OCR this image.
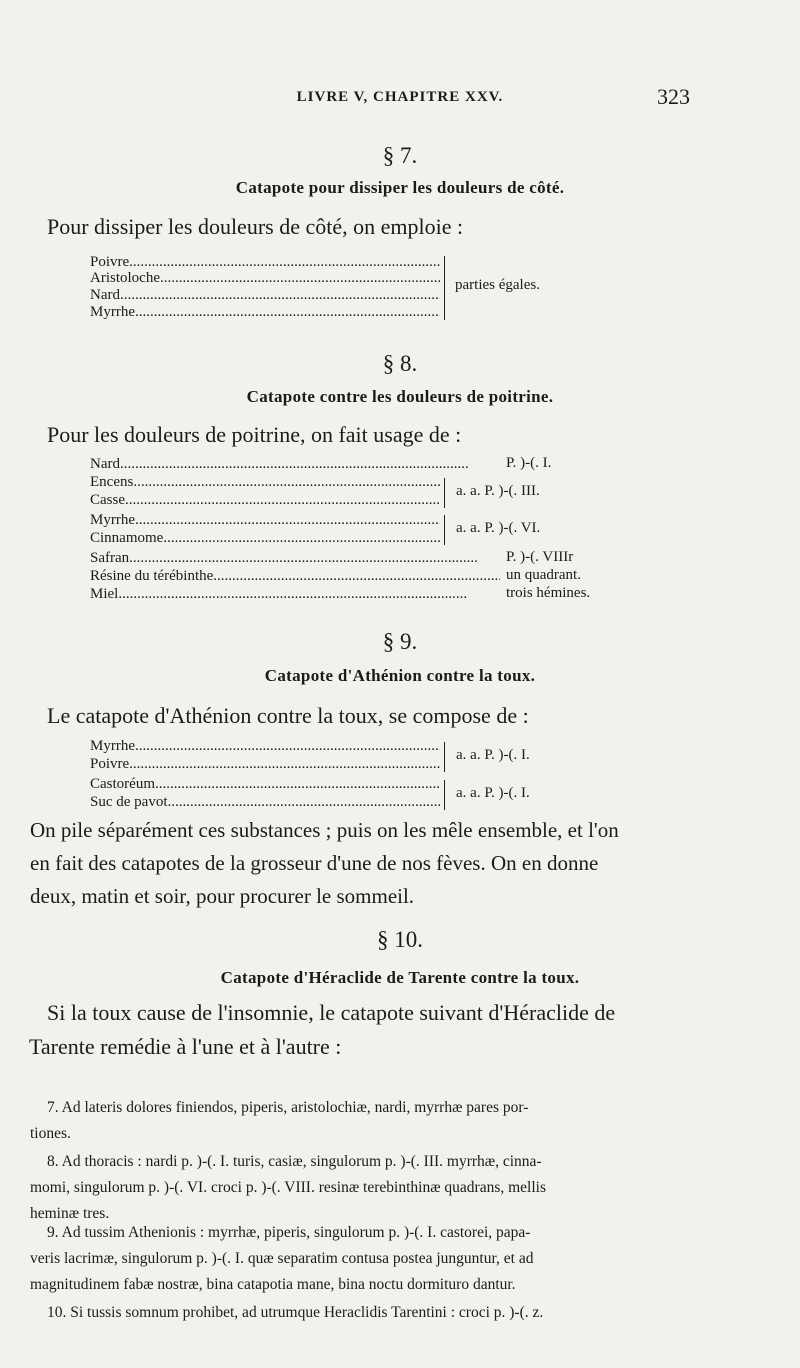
LIVRE V, CHAPITRE XXV.	323
§ 7.
Catapote pour dissiper les douleurs de côté.
Pour dissiper les douleurs de côté, on emploie :
Poivre .....
Aristoloche .....
Nard .....
Myrrhe .....
parties égales.
§ 8.
Catapote contre les douleurs de poitrine.
Pour les douleurs de poitrine, on fait usage de :
Nard .....	P. )-(. I.
Encens .....
Casse .....
a. a. P. )-(. III.
Myrrhe .....
Cinnamome .....
a. a. P. )-(. VI.
Safran .....	P. )-(. VIIIr
Résine du térébinthe .....	un quadrant.
Miel .....	trois hémines.
§ 9.
Catapote d'Athénion contre la toux.
Le catapote d'Athénion contre la toux, se compose de :
Myrrhe .....
Poivre .....
a. a. P. )-(. I.
Castoréum .....
Suc de pavot .....
a. a. P. )-(. I.
On pile séparément ces substances ; puis on les mêle ensemble, et l'on
en fait des catapotes de la grosseur d'une de nos fèves. On en donne
deux, matin et soir, pour procurer le sommeil.
§ 10.
Catapote d'Héraclide de Tarente contre la toux.
Si la toux cause de l'insomnie, le catapote suivant d'Héraclide de
Tarente remédie à l'une et à l'autre :
7. Ad lateris dolores finiendos, piperis, aristolochiæ, nardi, myrrhæ pares por-
tiones.
8. Ad thoracis : nardi p. )-(. I. turis, casiæ, singulorum p. )-(. III. myrrhæ, cinna-
momi, singulorum p. )-(. VI. croci p. )-(. VIII. resinæ terebinthinæ quadrans, mellis
heminæ tres.
9. Ad tussim Athenionis : myrrhæ, piperis, singulorum p. )-(. I. castorei, papa-
veris lacrimæ, singulorum p. )-(. I. quæ separatim contusa postea junguntur, et ad
magnitudinem fabæ nostræ, bina catapotia mane, bina noctu dormituro dantur.
10. Si tussis somnum prohibet, ad utrumque Heraclidis Tarentini : croci p. )-(. z.
